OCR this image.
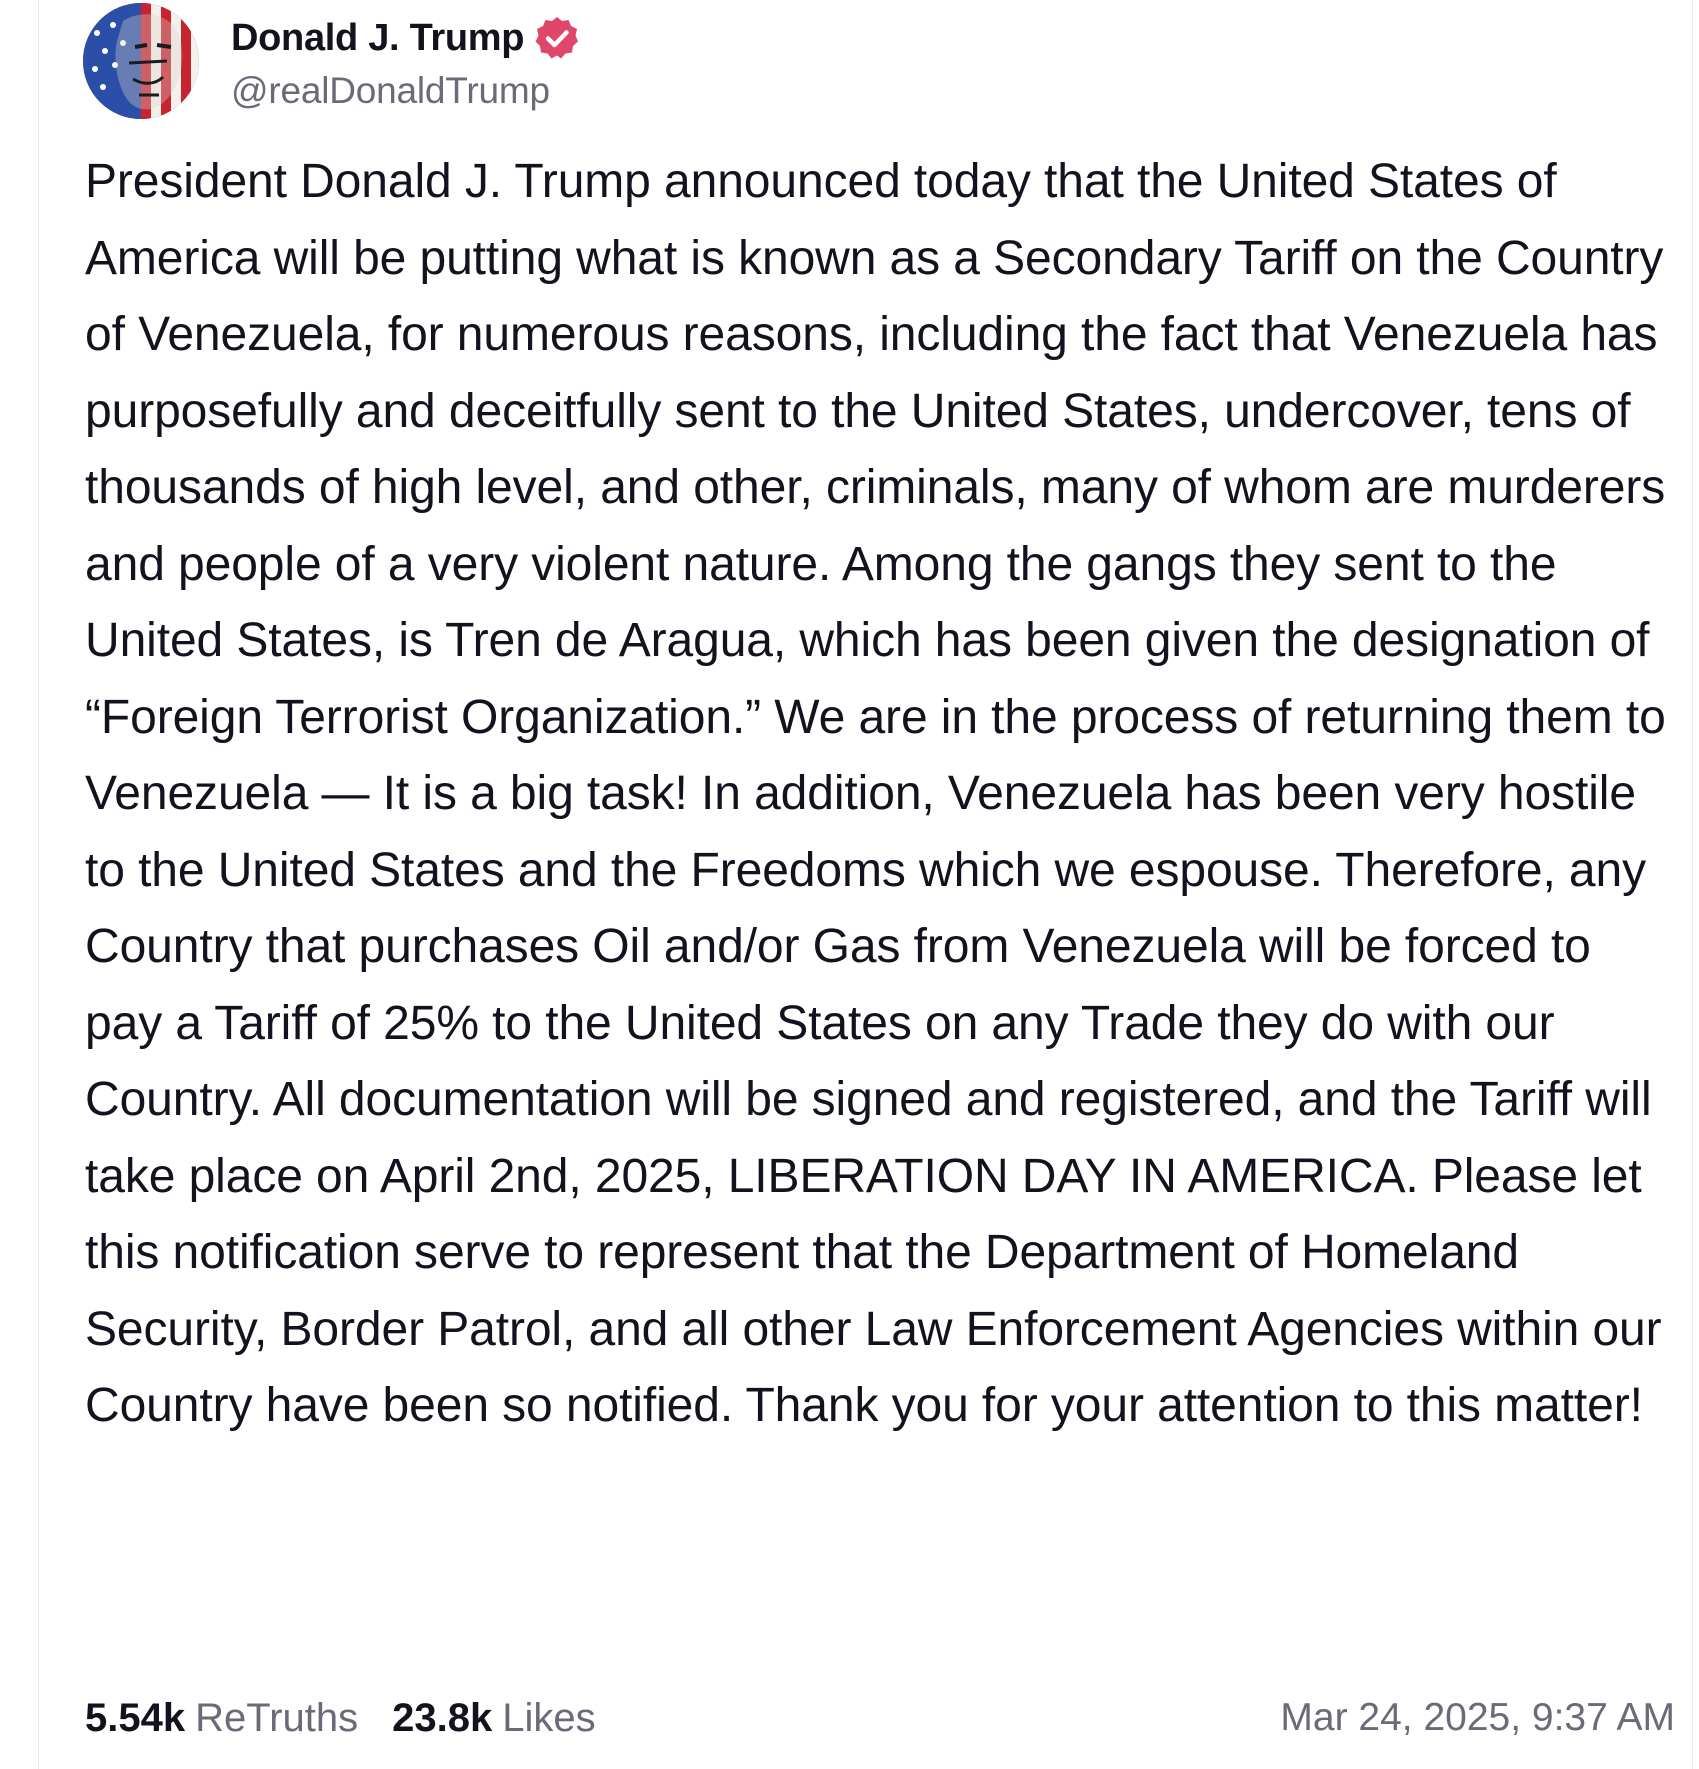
Donald J. Trump
@realDonaldTrump
President Donald J. Trump announced today that the United States of America will be putting what is known as a Secondary Tariff on the Country of Venezuela, for numerous reasons, including the fact that Venezuela has purposefully and deceitfully sent to the United States, undercover, tens of thousands of high level, and other, criminals, many of whom are murderers and people of a very violent nature. Among the gangs they sent to the United States, is Tren de Aragua, which has been given the designation of “Foreign Terrorist Organization.” We are in the process of returning them to Venezuela — It is a big task! In addition, Venezuela has been very hostile to the United States and the Freedoms which we espouse. Therefore, any Country that purchases Oil and/or Gas from Venezuela will be forced to pay a Tariff of 25% to the United States on any Trade they do with our Country. All documentation will be signed and registered, and the Tariff will take place on April 2nd, 2025, LIBERATION DAY IN AMERICA. Please let this notification serve to represent that the Department of Homeland Security, Border Patrol, and all other Law Enforcement Agencies within our Country have been so notified. Thank you for your attention to this matter!
5.54k ReTruths 23.8k Likes	Mar 24, 2025, 9:37 AM
